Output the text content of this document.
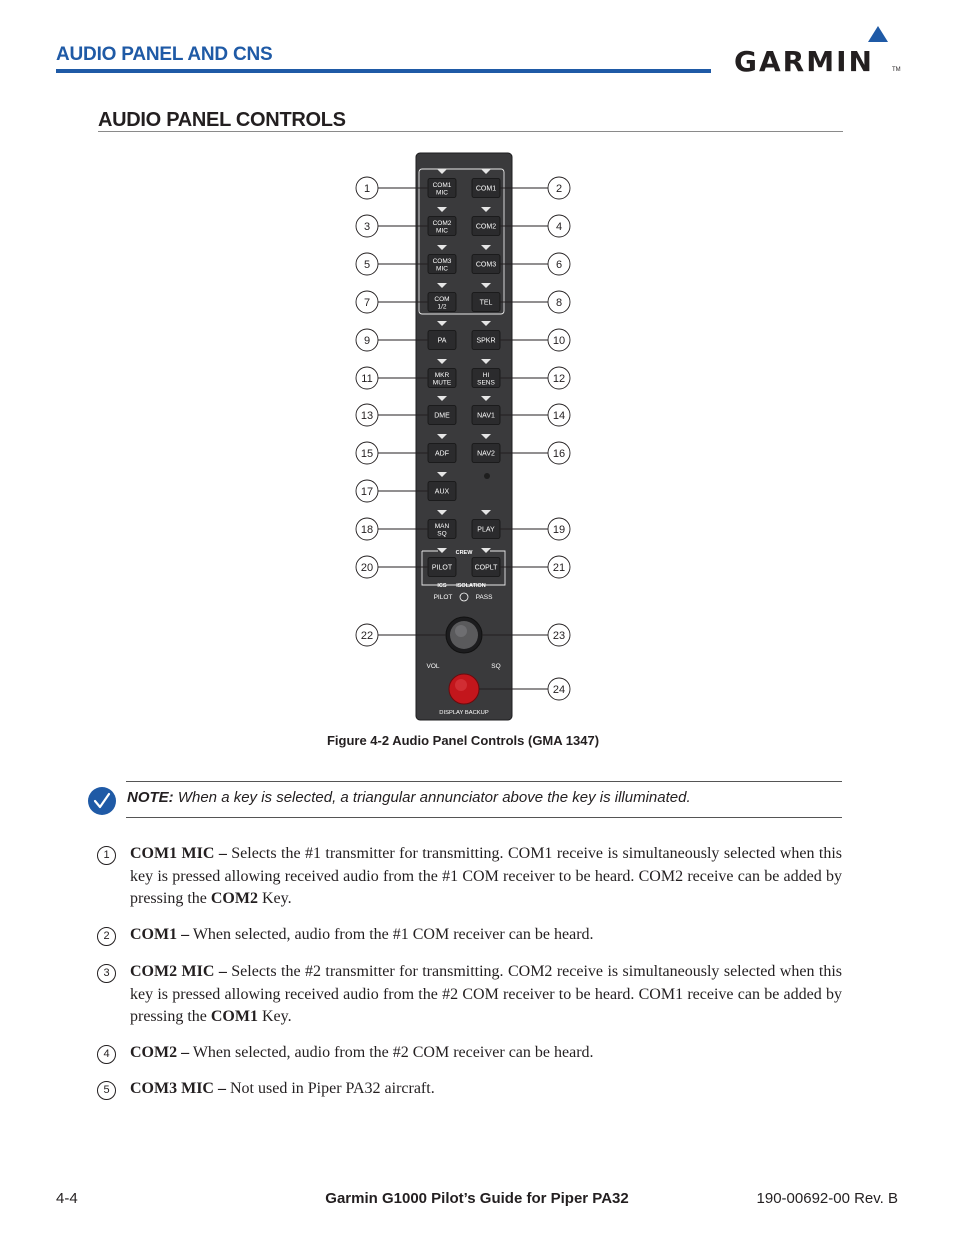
AUDIO PANEL AND CNS	GARMIN	TM
AUDIO PANEL CONTROLS
COM1
MIC
COM1
1	2
COM2
MIC
COM2
3	4
COM3
MIC
COM3
5	6
COM
1/2
TEL
7	8
PA	SPKR
9	10
MKR
MUTE
HI
SENS
11	12
DME	NAV1
13	14
ADF	NAV2
15	16
AUX
17
MAN
SQ
PLAY
18	19
PILOT	COPLT
20	21
CREW
ICS ISOLATION
PILOT	PASS
22	23
VOL	SQ
24
DISPLAY BACKUP
Figure 4-2 Audio Panel Controls (GMA 1347)
NOTE: When a key is selected, a triangular annunciator above the key is illuminated.
1	COM1 MIC – Selects the #1 transmitter for transmitting. COM1 receive is simultaneously selected when this key is pressed allowing received audio from the #1 COM receiver to be heard. COM2 receive can be added by pressing the COM2 Key.
2	COM1 – When selected, audio from the #1 COM receiver can be heard.
3	COM2 MIC – Selects the #2 transmitter for transmitting. COM2 receive is simultaneously selected when this key is pressed allowing received audio from the #2 COM receiver to be heard. COM1 receive can be added by pressing the COM1 Key.
4	COM2 – When selected, audio from the #2 COM receiver can be heard.
5	COM3 MIC – Not used in Piper PA32 aircraft.
4-4	Garmin G1000 Pilot’s Guide for Piper PA32	190-00692-00 Rev. B
